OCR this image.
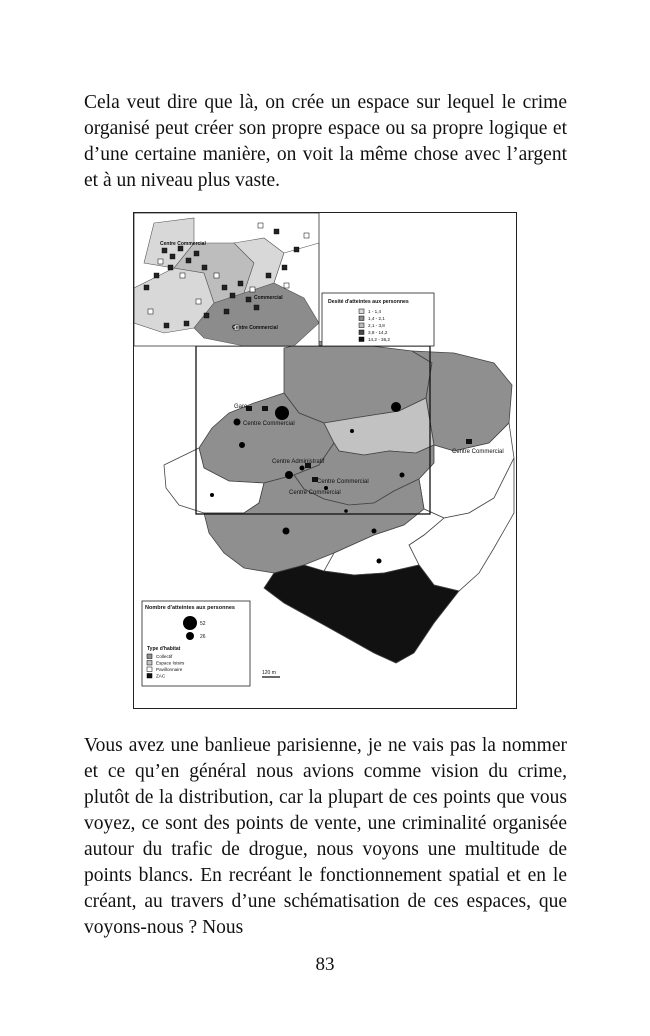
Cela veut dire que là, on crée un espace sur lequel le crime organisé peut créer son propre espace ou sa propre logique et d’une certaine manière, on voit la même chose avec l’argent et à un niveau plus vaste.

Gare
Centre Commercial
Centre Commercial
Centre Administratif
Centre Commercial
Centre Commercial
Centre Commercial
Commercial
Centre Commercial
Desité d'atteintes aux personnes
1 - 1,4
1,4 - 2,1
2,1 - 3,8
3,8 - 14,2
14,2 - 36,2
Nombre d'atteintes aux personnes
52
26
Type d'habitat
Collectif
Espace loisirs
Pavillonnaire
ZAC	120 m

Vous avez une banlieue parisienne, je ne vais pas la nommer et ce qu’en général nous avions comme vision du crime, plutôt de la distribution, car la plupart de ces points que vous voyez, ce sont des points de vente, une criminalité organisée autour du trafic de drogue, nous voyons une multitude de points blancs. En recréant le fonctionnement spatial et en le créant, au travers d’une schématisation de ces espaces, que voyons-nous ? Nous

83
